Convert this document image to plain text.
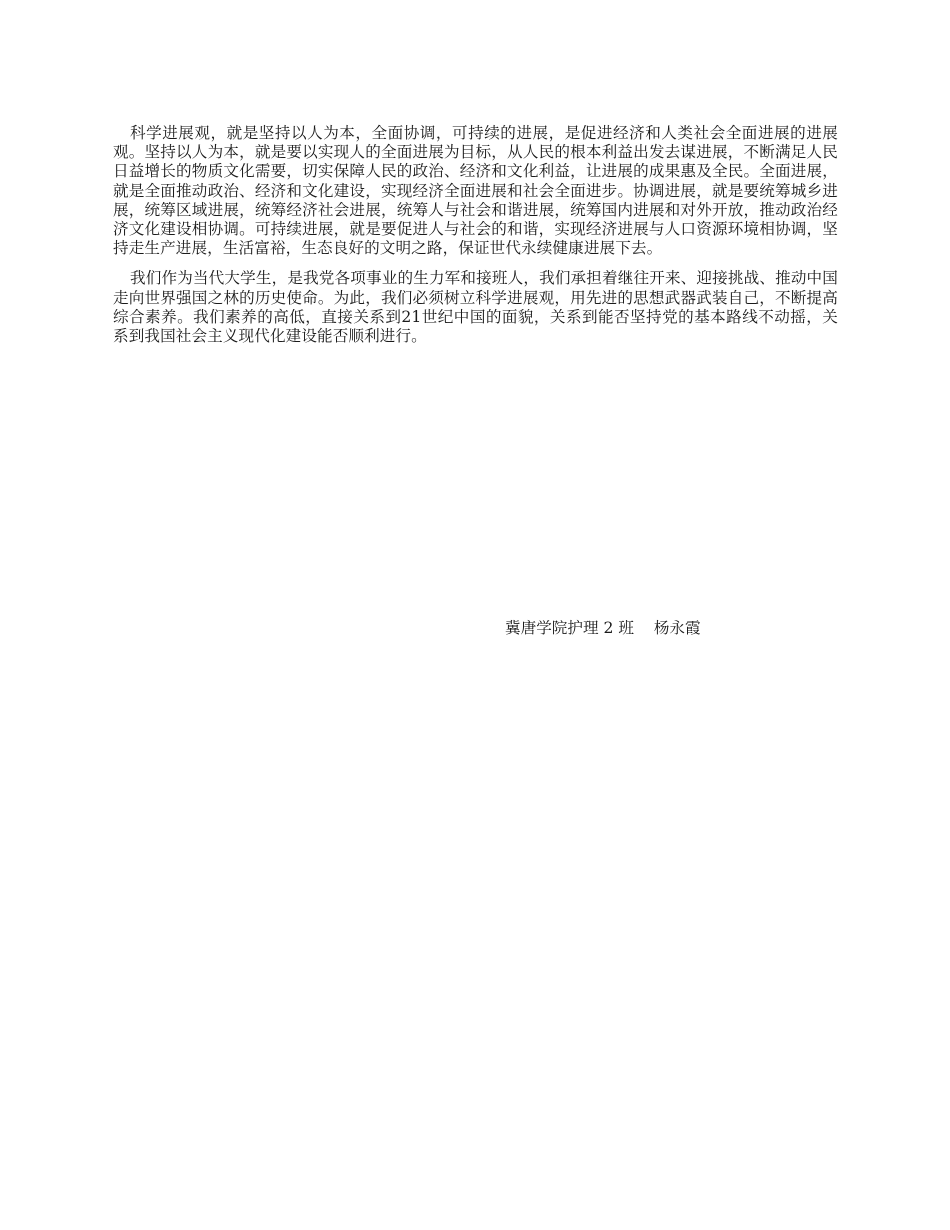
科学进展观，就是坚持以人为本，全面协调，可持续的进展，是促进经济和人类社会全面进展的进展观。坚持以人为本，就是要以实现人的全面进展为目标，从人民的根本利益出发去谋进展，不断满足人民日益增长的物质文化需要，切实保障人民的政治、经济和文化利益，让进展的成果惠及全民。全面进展，就是全面推动政治、经济和文化建设，实现经济全面进展和社会全面进步。协调进展，就是要统筹城乡进展，统筹区域进展，统筹经济社会进展，统筹人与社会和谐进展，统筹国内进展和对外开放，推动政治经济文化建设相协调。可持续进展，就是要促进人与社会的和谐，实现经济进展与人口资源环境相协调，坚持走生产进展，生活富裕，生态良好的文明之路，保证世代永续健康进展下去。

我们作为当代大学生，是我党各项事业的生力军和接班人，我们承担着继往开来、迎接挑战、推动中国走向世界强国之林的历史使命。为此，我们必须树立科学进展观，用先进的思想武器武装自己，不断提高综合素养。我们素养的高低，直接关系到21世纪中国的面貌，关系到能否坚持党的基本路线不动摇，关系到我国社会主义现代化建设能否顺利进行。

冀唐学院护理 2 班    杨永霞
